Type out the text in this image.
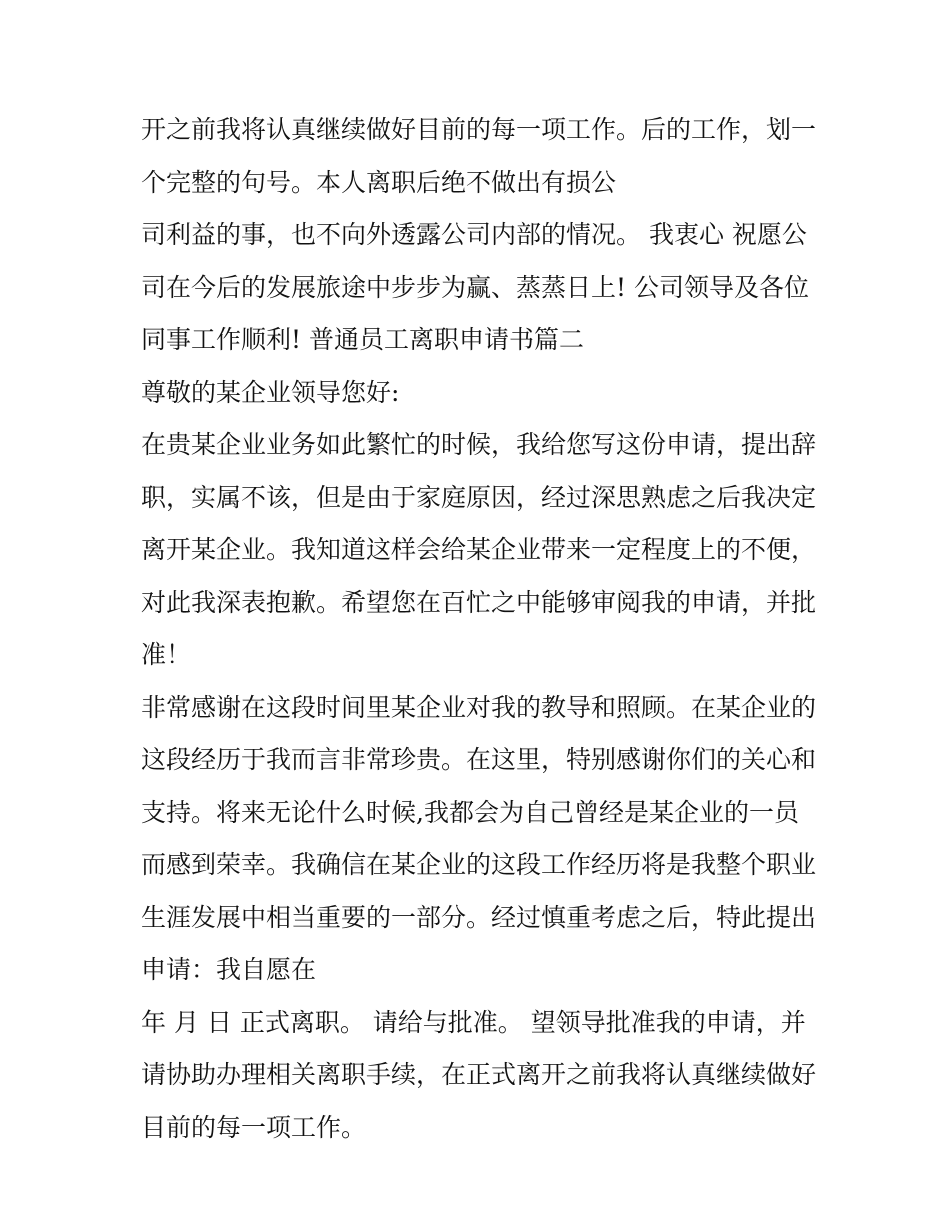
开之前我将认真继续做好目前的每一项工作。后的工作，划一
个完整的句号。本人离职后绝不做出有损公
司利益的事，也不向外透露公司内部的情况。 我衷心 祝愿公
司在今后的发展旅途中步步为赢、蒸蒸日上! 公司领导及各位
同事工作顺利! 普通员工离职申请书篇二
尊敬的某企业领导您好:
在贵某企业业务如此繁忙的时候，我给您写这份申请，提出辞
职，实属不该，但是由于家庭原因，经过深思熟虑之后我决定
离开某企业。我知道这样会给某企业带来一定程度上的不便，
对此我深表抱歉。希望您在百忙之中能够审阅我的申请，并批
准！
非常感谢在这段时间里某企业对我的教导和照顾。在某企业的
这段经历于我而言非常珍贵。在这里，特别感谢你们的关心和
支持。将来无论什么时候,我都会为自己曾经是某企业的一员
而感到荣幸。我确信在某企业的这段工作经历将是我整个职业
生涯发展中相当重要的一部分。经过慎重考虑之后，特此提出
申请：我自愿在
年 月 日 正式离职。 请给与批准。 望领导批准我的申请，并
请协助办理相关离职手续，在正式离开之前我将认真继续做好
目前的每一项工作。
